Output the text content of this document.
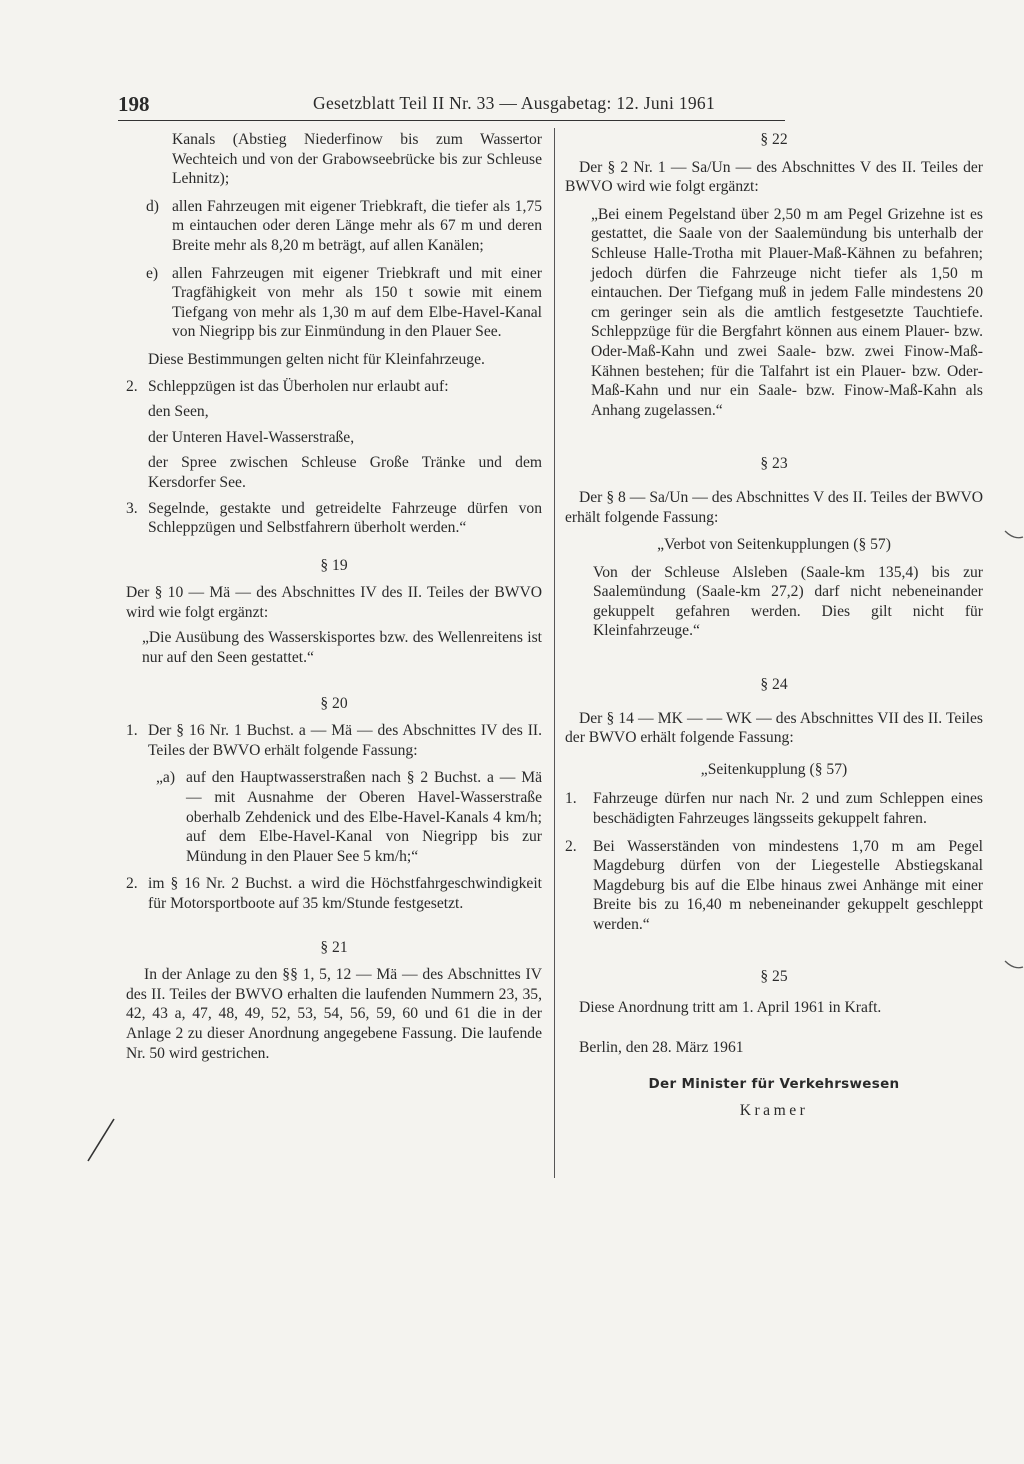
198	Gesetzblatt Teil II Nr. 33 — Ausgabetag: 12. Juni 1961

Kanals (Abstieg Niederfinow bis zum Wassertor Wechteich und von der Grabowseebrücke bis zur Schleuse Lehnitz);

d) allen Fahrzeugen mit eigener Triebkraft, die tiefer als 1,75 m eintauchen oder deren Länge mehr als 67 m und deren Breite mehr als 8,20 m beträgt, auf allen Kanälen;
e) allen Fahrzeugen mit eigener Triebkraft und mit einer Tragfähigkeit von mehr als 150 t sowie mit einem Tiefgang von mehr als 1,30 m auf dem Elbe-Havel-Kanal von Niegripp bis zur Einmündung in den Plauer See.

Diese Bestimmungen gelten nicht für Kleinfahrzeuge.

2. Schleppzügen ist das Überholen nur erlaubt auf:

den Seen,

der Unteren Havel-Wasserstraße,

der Spree zwischen Schleuse Große Tränke und dem Kersdorfer See.

3. Segelnde, gestakte und getreidelte Fahrzeuge dürfen von Schleppzügen und Selbstfahrern überholt werden.“

§ 19

Der § 10 — Mä — des Abschnittes IV des II. Teiles der BWVO wird wie folgt ergänzt:

„Die Ausübung des Wasserskisportes bzw. des Wellenreitens ist nur auf den Seen gestattet.“

§ 20

1. Der § 16 Nr. 1 Buchst. a — Mä — des Abschnittes IV des II. Teiles der BWVO erhält folgende Fassung:
„a) auf den Hauptwasserstraßen nach § 2 Buchst. a — Mä — mit Ausnahme der Oberen Havel-Wasserstraße oberhalb Zehdenick und des Elbe-Havel-Kanals 4 km/h; auf dem Elbe-Havel-Kanal von Niegripp bis zur Mündung in den Plauer See 5 km/h;“
2. im § 16 Nr. 2 Buchst. a wird die Höchstfahrgeschwindigkeit für Motorsportboote auf 35 km/Stunde festgesetzt.

§ 21

In der Anlage zu den §§ 1, 5, 12 — Mä — des Abschnittes IV des II. Teiles der BWVO erhalten die laufenden Nummern 23, 35, 42, 43 a, 47, 48, 49, 52, 53, 54, 56, 59, 60 und 61 die in der Anlage 2 zu dieser Anordnung angegebene Fassung. Die laufende Nr. 50 wird gestrichen.

§ 22

Der § 2 Nr. 1 — Sa/Un — des Abschnittes V des II. Teiles der BWVO wird wie folgt ergänzt:

„Bei einem Pegelstand über 2,50 m am Pegel Grizehne ist es gestattet, die Saale von der Saalemündung bis unterhalb der Schleuse Halle-Trotha mit Plauer-Maß-Kähnen zu befahren; jedoch dürfen die Fahrzeuge nicht tiefer als 1,50 m eintauchen. Der Tiefgang muß in jedem Falle mindestens 20 cm geringer sein als die amtlich festgesetzte Tauchtiefe. Schleppzüge für die Bergfahrt können aus einem Plauer- bzw. Oder-Maß-Kahn und zwei Saale- bzw. zwei Finow-Maß-Kähnen bestehen; für die Talfahrt ist ein Plauer- bzw. Oder-Maß-Kahn und nur ein Saale- bzw. Finow-Maß-Kahn als Anhang zugelassen.“

§ 23

Der § 8 — Sa/Un — des Abschnittes V des II. Teiles der BWVO erhält folgende Fassung:

„Verbot von Seitenkupplungen (§ 57)

Von der Schleuse Alsleben (Saale-km 135,4) bis zur Saalemündung (Saale-km 27,2) darf nicht nebeneinander gekuppelt gefahren werden. Dies gilt nicht für Kleinfahrzeuge.“

§ 24

Der § 14 — MK — — WK — des Abschnittes VII des II. Teiles der BWVO erhält folgende Fassung:

„Seitenkupplung (§ 57)

1.	Fahrzeuge dürfen nur nach Nr. 2 und zum Schleppen eines beschädigten Fahrzeuges längsseits gekuppelt fahren.
2.	Bei Wasserständen von mindestens 1,70 m am Pegel Magdeburg dürfen von der Liegestelle Abstiegskanal Magdeburg bis auf die Elbe hinaus zwei Anhänge mit einer Breite bis zu 16,40 m nebeneinander gekuppelt geschleppt werden.“

§ 25

Diese Anordnung tritt am 1. April 1961 in Kraft.

Berlin, den 28. März 1961

Der Minister für Verkehrswesen

Kramer
